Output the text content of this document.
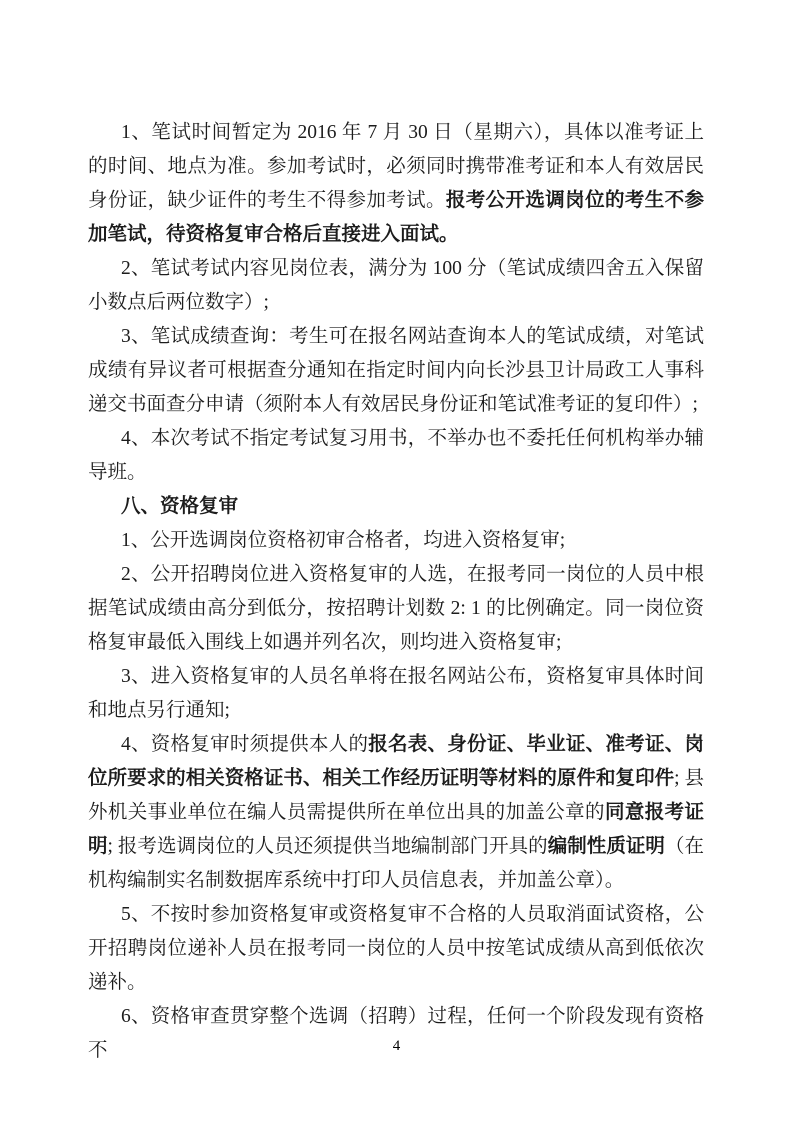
1、笔试时间暂定为 2016 年 7 月 30 日（星期六），具体以准考证上的时间、地点为准。参加考试时，必须同时携带准考证和本人有效居民身份证，缺少证件的考生不得参加考试。报考公开选调岗位的考生不参加笔试，待资格复审合格后直接进入面试。

2、笔试考试内容见岗位表，满分为 100 分（笔试成绩四舍五入保留小数点后两位数字）;

3、笔试成绩查询：考生可在报名网站查询本人的笔试成绩，对笔试成绩有异议者可根据查分通知在指定时间内向长沙县卫计局政工人事科递交书面查分申请（须附本人有效居民身份证和笔试准考证的复印件）;

4、本次考试不指定考试复习用书，不举办也不委托任何机构举办辅导班。

八、资格复审

1、公开选调岗位资格初审合格者，均进入资格复审;

2、公开招聘岗位进入资格复审的人选，在报考同一岗位的人员中根据笔试成绩由高分到低分，按招聘计划数 2: 1 的比例确定。同一岗位资格复审最低入围线上如遇并列名次，则均进入资格复审;

3、进入资格复审的人员名单将在报名网站公布，资格复审具体时间和地点另行通知;

4、资格复审时须提供本人的报名表、身份证、毕业证、准考证、岗位所要求的相关资格证书、相关工作经历证明等材料的原件和复印件; 县外机关事业单位在编人员需提供所在单位出具的加盖公章的同意报考证明; 报考选调岗位的人员还须提供当地编制部门开具的编制性质证明（在机构编制实名制数据库系统中打印人员信息表，并加盖公章）。

5、不按时参加资格复审或资格复审不合格的人员取消面试资格，公开招聘岗位递补人员在报考同一岗位的人员中按笔试成绩从高到低依次递补。

6、资格审查贯穿整个选调（招聘）过程，任何一个阶段发现有资格不	4
